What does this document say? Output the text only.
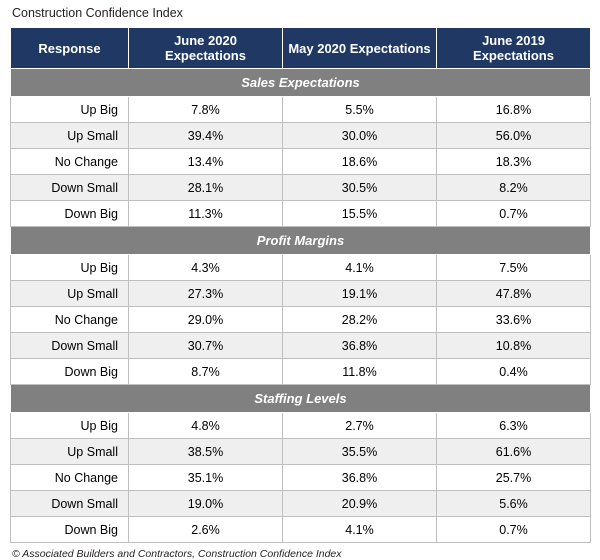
Construction Confidence Index
Response	June 2020 Expectations	May 2020 Expectations	June 2019 Expectations
Sales Expectations			
Up Big	7.8%	5.5%	16.8%
Up Small	39.4%	30.0%	56.0%
No Change	13.4%	18.6%	18.3%
Down Small	28.1%	30.5%	8.2%
Down Big	11.3%	15.5%	0.7%
Profit Margins			
Up Big	4.3%	4.1%	7.5%
Up Small	27.3%	19.1%	47.8%
No Change	29.0%	28.2%	33.6%
Down Small	30.7%	36.8%	10.8%
Down Big	8.7%	11.8%	0.4%
Staffing Levels			
Up Big	4.8%	2.7%	6.3%
Up Small	38.5%	35.5%	61.6%
No Change	35.1%	36.8%	25.7%
Down Small	19.0%	20.9%	5.6%
Down Big	2.6%	4.1%	0.7%
© Associated Builders and Contractors, Construction Confidence Index
